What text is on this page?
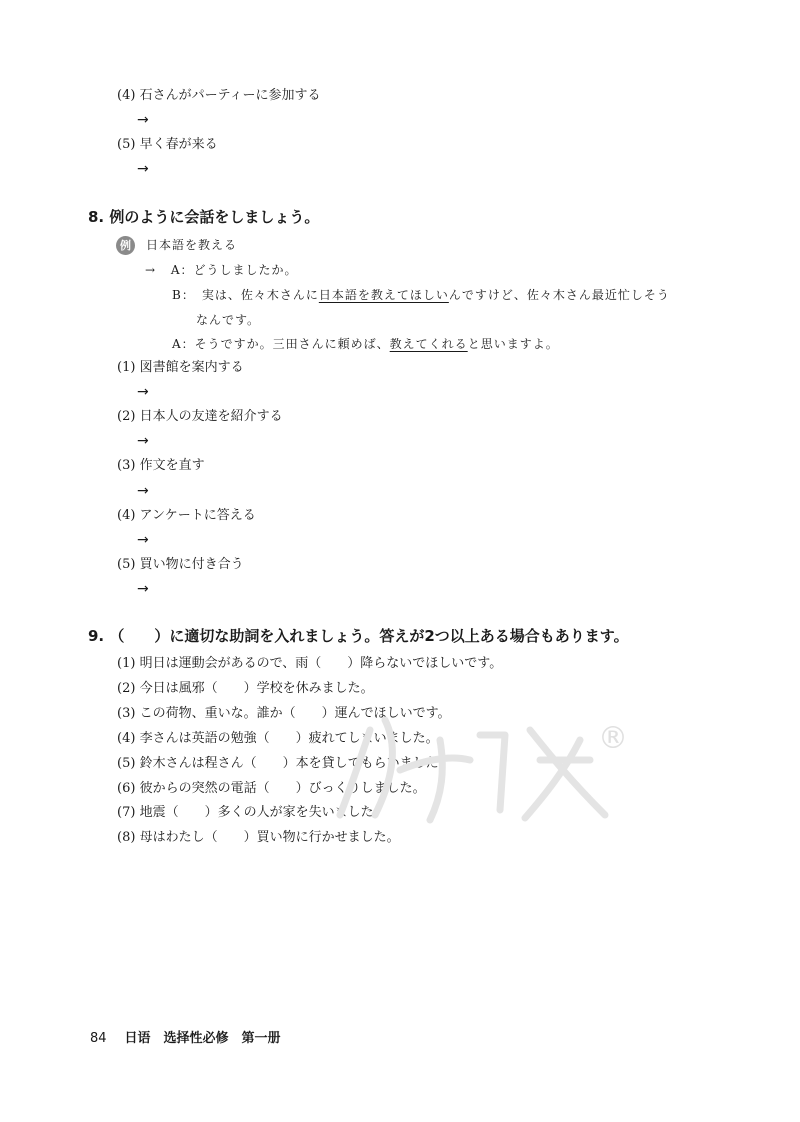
(4) 石さんがパーティーに参加する
→
(5) 早く春が来る
→
8. 例のように会話をしましょう。
例	日本語を教える
→ A：どうしましたか。
B：　実は、佐々木さんに日本語を教えてほしいんですけど、佐々木さん最近忙しそう
なんです。
A：そうですか。三田さんに頼めば、教えてくれると思いますよ。
(1) 図書館を案内する
→
(2) 日本人の友達を紹介する
→
(3) 作文を直す
→
(4) アンケートに答える
→
(5) 買い物に付き合う
→
9. （　　）に適切な助詞を入れましょう。答えが2つ以上ある場合もあります。
(1) 明日は運動会があるので、雨（　　）降らないでほしいです。
(2) 今日は風邪（　　）学校を休みました。
(3) この荷物、重いな。誰か（　　）運んでほしいです。
(4) 李さんは英語の勉強（　　）疲れてしまいました。
(5) 鈴木さんは程さん（　　）本を貸してもらいました。
(6) 彼からの突然の電話（　　）びっくりしました。
(7) 地震（　　）多くの人が家を失いました。
(8) 母はわたし（　　）買い物に行かせました。
®
84 日语　选择性必修　第一册
